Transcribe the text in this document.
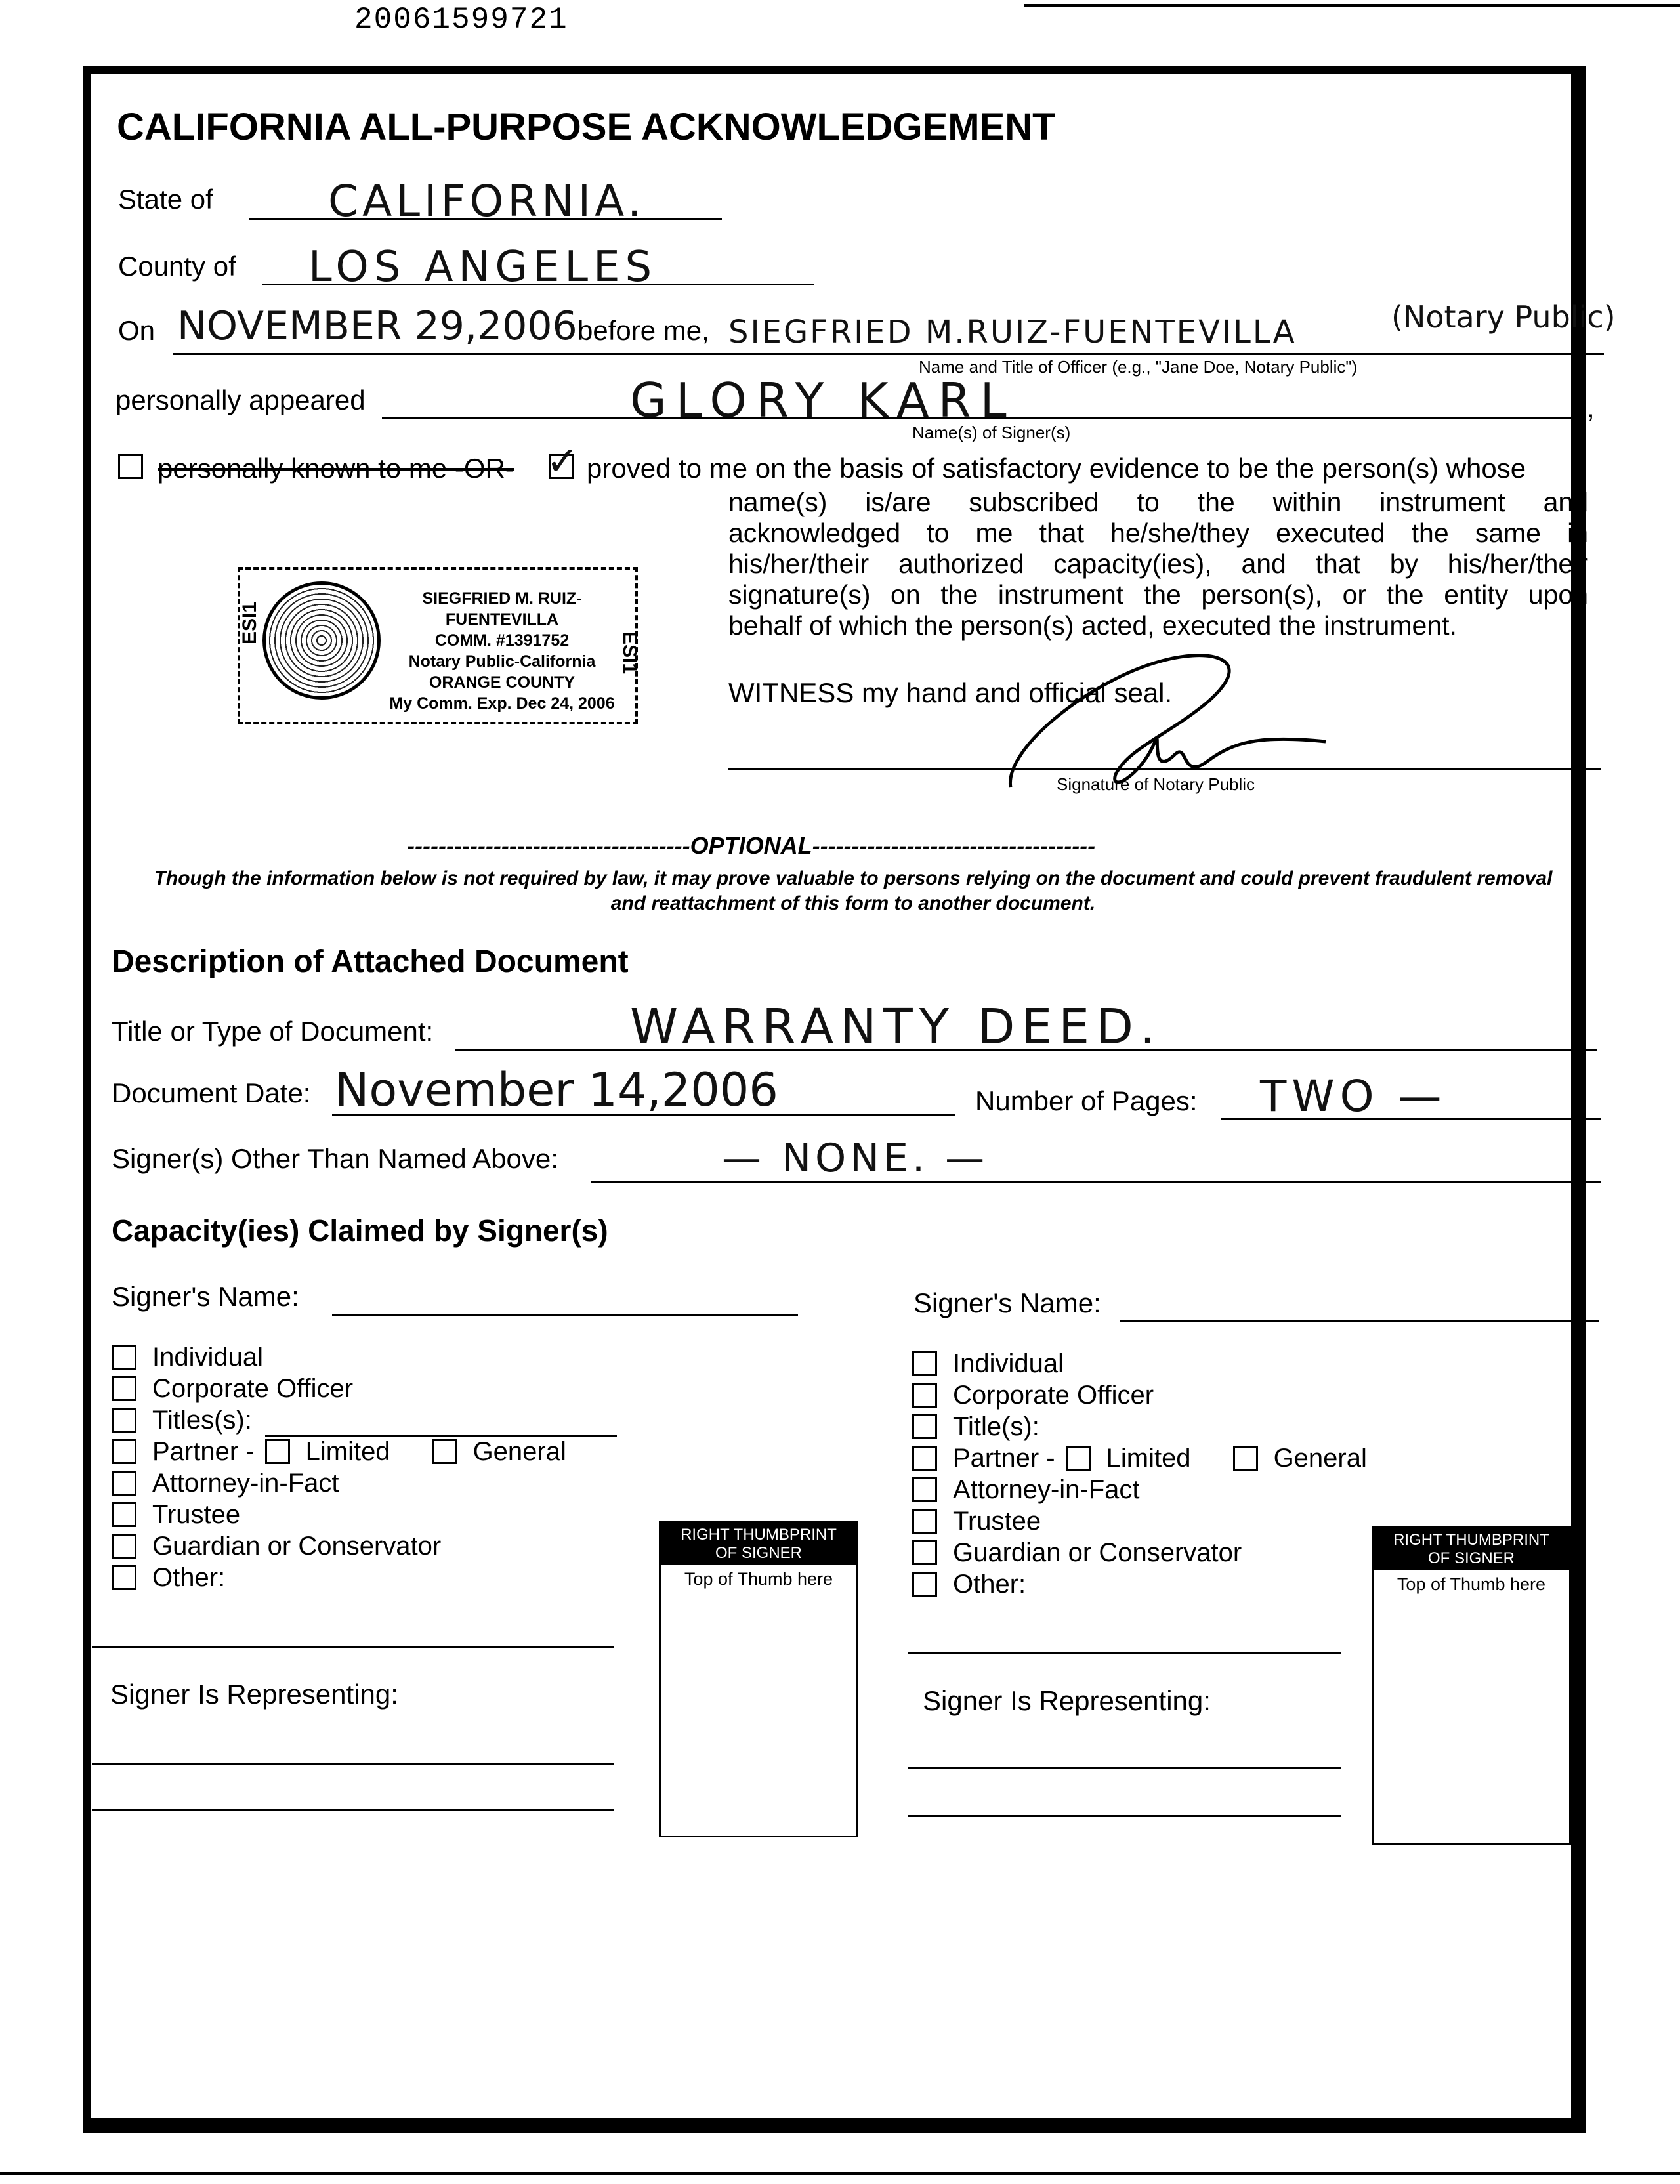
20061599721
CALIFORNIA ALL-PURPOSE ACKNOWLEDGEMENT
State of	CALIFORNIA.
County of LOS ANGELES
On NOVEMBER 29,2006 before me, SIEGFRIED M.RUIZ-FUENTEVILLA	(Notary Public)
Name and Title of Officer (e.g., "Jane Doe, Notary Public")
personally appeared	,
GLORY KARL
Name(s) of Signer(s)
personally known to me -OR- ✓ proved to me on the basis of satisfactory evidence to be the person(s) whose
name(s) is/are subscribed to the within instrument and
acknowledged to me that he/she/they executed the same in
his/her/their authorized capacity(ies), and that by his/her/their
signature(s) on the instrument the person(s), or the entity upon
behalf of which the person(s) acted, executed the instrument.
ESI1
ESI1
SIEGFRIED M. RUIZ-FUENTEVILLA
COMM. #1391752
Notary Public-California
ORANGE COUNTY
My Comm. Exp. Dec 24, 2006	WITNESS my hand and official seal.
Signature of Notary Public
------------------------------------OPTIONAL------------------------------------
Though the information below is not required by law, it may prove valuable to persons relying on the document and could prevent fraudulent removal
and reattachment of this form to another document.
Description of Attached Document
Title or Type of Document:	WARRANTY DEED.
Document Date: November 14,2006	Number of Pages: TWO —
Signer(s) Other Than Named Above:	— NONE. —
Capacity(ies) Claimed by Signer(s)
Signer's Name:
Individual
Corporate Officer
Titles(s):
Partner - Limited	General
Attorney-in-Fact
Trustee
Guardian or Conservator
Other:
Signer Is Representing:
RIGHT THUMBPRINT
OF SIGNER
Top of Thumb here
Signer's Name:
Individual
Corporate Officer
Title(s):
Partner - Limited	General
Attorney-in-Fact
Trustee
Guardian or Conservator
Other:
Signer Is Representing:
RIGHT THUMBPRINT
OF SIGNER
Top of Thumb here
